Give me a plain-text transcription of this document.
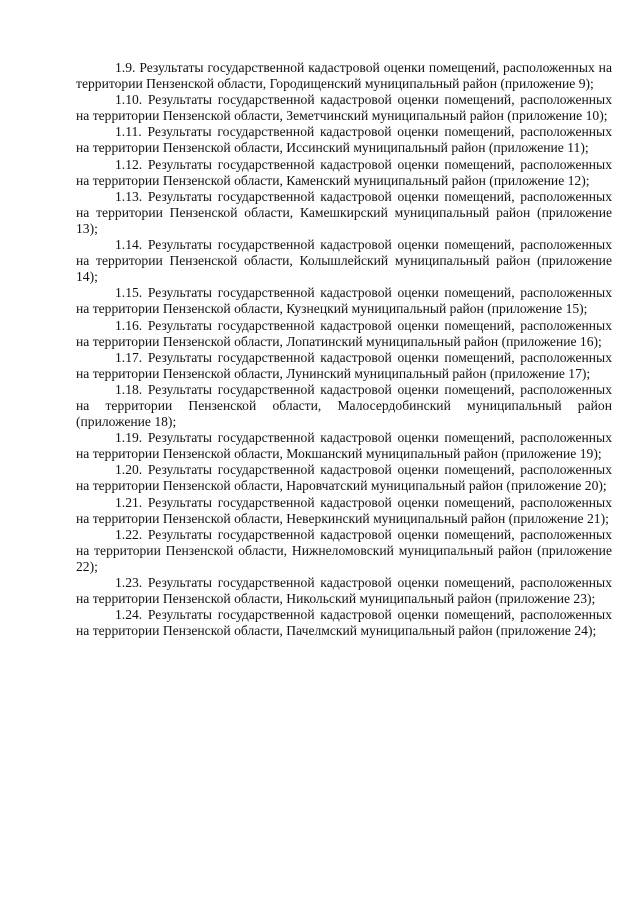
1.9. Результаты государственной кадастровой оценки помещений, расположенных на территории Пензенской области, Городищенский муниципальный район (приложение 9);

1.10. Результаты государственной кадастровой оценки помещений, расположенных на территории Пензенской области, Земетчинский муниципальный район (приложение 10);

1.11. Результаты государственной кадастровой оценки помещений, расположенных на территории Пензенской области, Иссинский муниципальный район (приложение 11);

1.12. Результаты государственной кадастровой оценки помещений, расположенных на территории Пензенской области, Каменский муниципальный район (приложение 12);

1.13. Результаты государственной кадастровой оценки помещений, расположенных на территории Пензенской области, Камешкирский муниципальный район (приложение 13);

1.14. Результаты государственной кадастровой оценки помещений, расположенных на территории Пензенской области, Колышлейский муниципальный район (приложение 14);

1.15. Результаты государственной кадастровой оценки помещений, расположенных на территории Пензенской области, Кузнецкий муниципальный район (приложение 15);

1.16. Результаты государственной кадастровой оценки помещений, расположенных на территории Пензенской области, Лопатинский муниципальный район (приложение 16);

1.17. Результаты государственной кадастровой оценки помещений, расположенных на территории Пензенской области, Лунинский муниципальный район (приложение 17);

1.18. Результаты государственной кадастровой оценки помещений, расположенных на территории Пензенской области, Малосердобинский муниципальный район (приложение 18);

1.19. Результаты государственной кадастровой оценки помещений, расположенных на территории Пензенской области, Мокшанский муниципальный район (приложение 19);

1.20. Результаты государственной кадастровой оценки помещений, расположенных на территории Пензенской области, Наровчатский муниципальный район (приложение 20);

1.21. Результаты государственной кадастровой оценки помещений, расположенных на территории Пензенской области, Неверкинский муниципальный район (приложение 21);

1.22. Результаты государственной кадастровой оценки помещений, расположенных на территории Пензенской области, Нижнеломовский муниципальный район (приложение 22);

1.23. Результаты государственной кадастровой оценки помещений, расположенных на территории Пензенской области, Никольский муниципальный район (приложение 23);

1.24. Результаты государственной кадастровой оценки помещений, расположенных на территории Пензенской области, Пачелмский муниципальный район (приложение 24);
